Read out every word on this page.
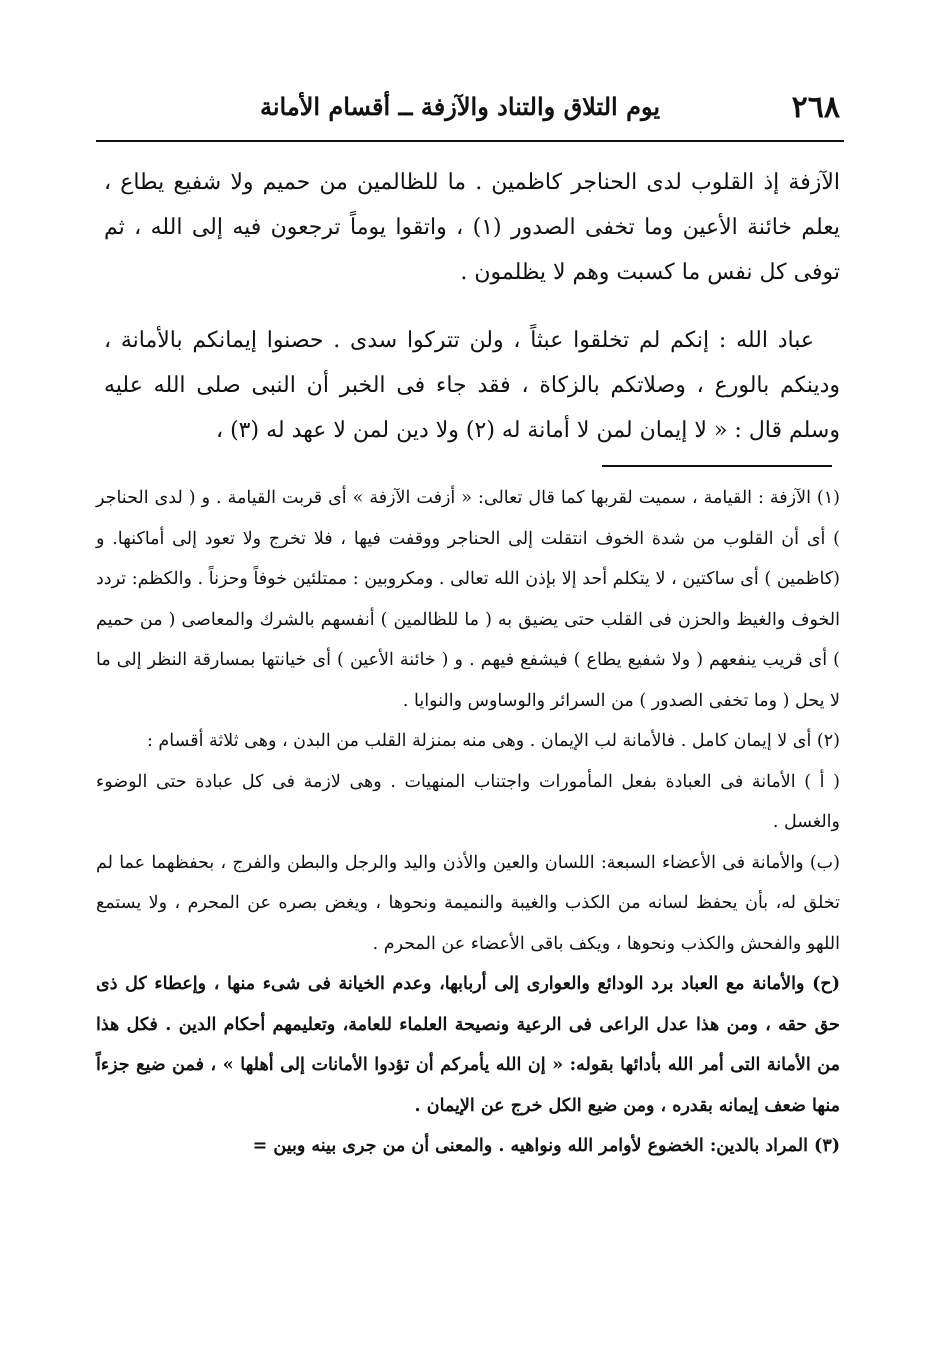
٢٦٨
يوم التلاق والتناد والآزفة ــ أقسام الأمانة
الآزفة إذ القلوب لدى الحناجر كاظمين . ما للظالمين من حميم ولا شفيع يطاع ، يعلم خائنة الأعين وما تخفى الصدور (١) ، واتقوا يوماً ترجعون فيه إلى الله ، ثم توفى كل نفس ما كسبت وهم لا يظلمون .
عباد الله : إنكم لم تخلقوا عبثاً ، ولن تتركوا سدى . حصنوا إيمانكم بالأمانة ، ودينكم بالورع ، وصلاتكم بالزكاة ، فقد جاء فى الخبر أن النبى صلى الله عليه وسلم قال : « لا إيمان لمن لا أمانة له (٢) ولا دين لمن لا عهد له (٣) ،

(١) الآزفة : القيامة ، سميت لقربها كما قال تعالى: « أزفت الآزفة » أى قربت القيامة . و ( لدى الحناجر ) أى أن القلوب من شدة الخوف انتقلت إلى الحناجر ووقفت فيها ، فلا تخرج ولا تعود إلى أماكنها. و (كاظمين ) أى ساكتين ، لا يتكلم أحد إلا بإذن الله تعالى . ومكروبين : ممتلئين خوفاً وحزناً . والكظم: تردد الخوف والغيظ والحزن فى القلب حتى يضيق به ( ما للظالمين ) أنفسهم بالشرك والمعاصى ( من حميم ) أى قريب ينفعهم ( ولا شفيع يطاع ) فيشفع فيهم . و ( خائنة الأعين ) أى خيانتها بمسارقة النظر إلى ما لا يحل ( وما تخفى الصدور ) من السرائر والوساوس والنوايا .

(٢) أى لا إيمان كامل . فالأمانة لب الإيمان . وهى منه بمنزلة القلب من البدن ، وهى ثلاثة أقسام :

( أ ) الأمانة فى العبادة بفعل المأمورات واجتناب المنهيات . وهى لازمة فى كل عبادة حتى الوضوء والغسل .

(ب) والأمانة فى الأعضاء السبعة: اللسان والعين والأذن واليد والرجل والبطن والفرج ، بحفظهما عما لم تخلق له، بأن يحفظ لسانه من الكذب والغيبة والنميمة ونحوها ، ويغض بصره عن المحرم ، ولا يستمع اللهو والفحش والكذب ونحوها ، ويكف باقى الأعضاء عن المحرم .

(ح) والأمانة مع العباد برد الودائع والعوارى إلى أربابها، وعدم الخيانة فى شىء منها ، وإعطاء كل ذى حق حقه ، ومن هذا عدل الراعى فى الرعية ونصيحة العلماء للعامة، وتعليمهم أحكام الدين . فكل هذا من الأمانة التى أمر الله بأدائها بقوله: « إن الله يأمركم أن تؤدوا الأمانات إلى أهلها » ، فمن ضيع جزءاً منها ضعف إيمانه بقدره ، ومن ضيع الكل خرج عن الإيمان .

(٣) المراد بالدين: الخضوع لأوامر الله ونواهيه . والمعنى أن من جرى بينه وبين =
